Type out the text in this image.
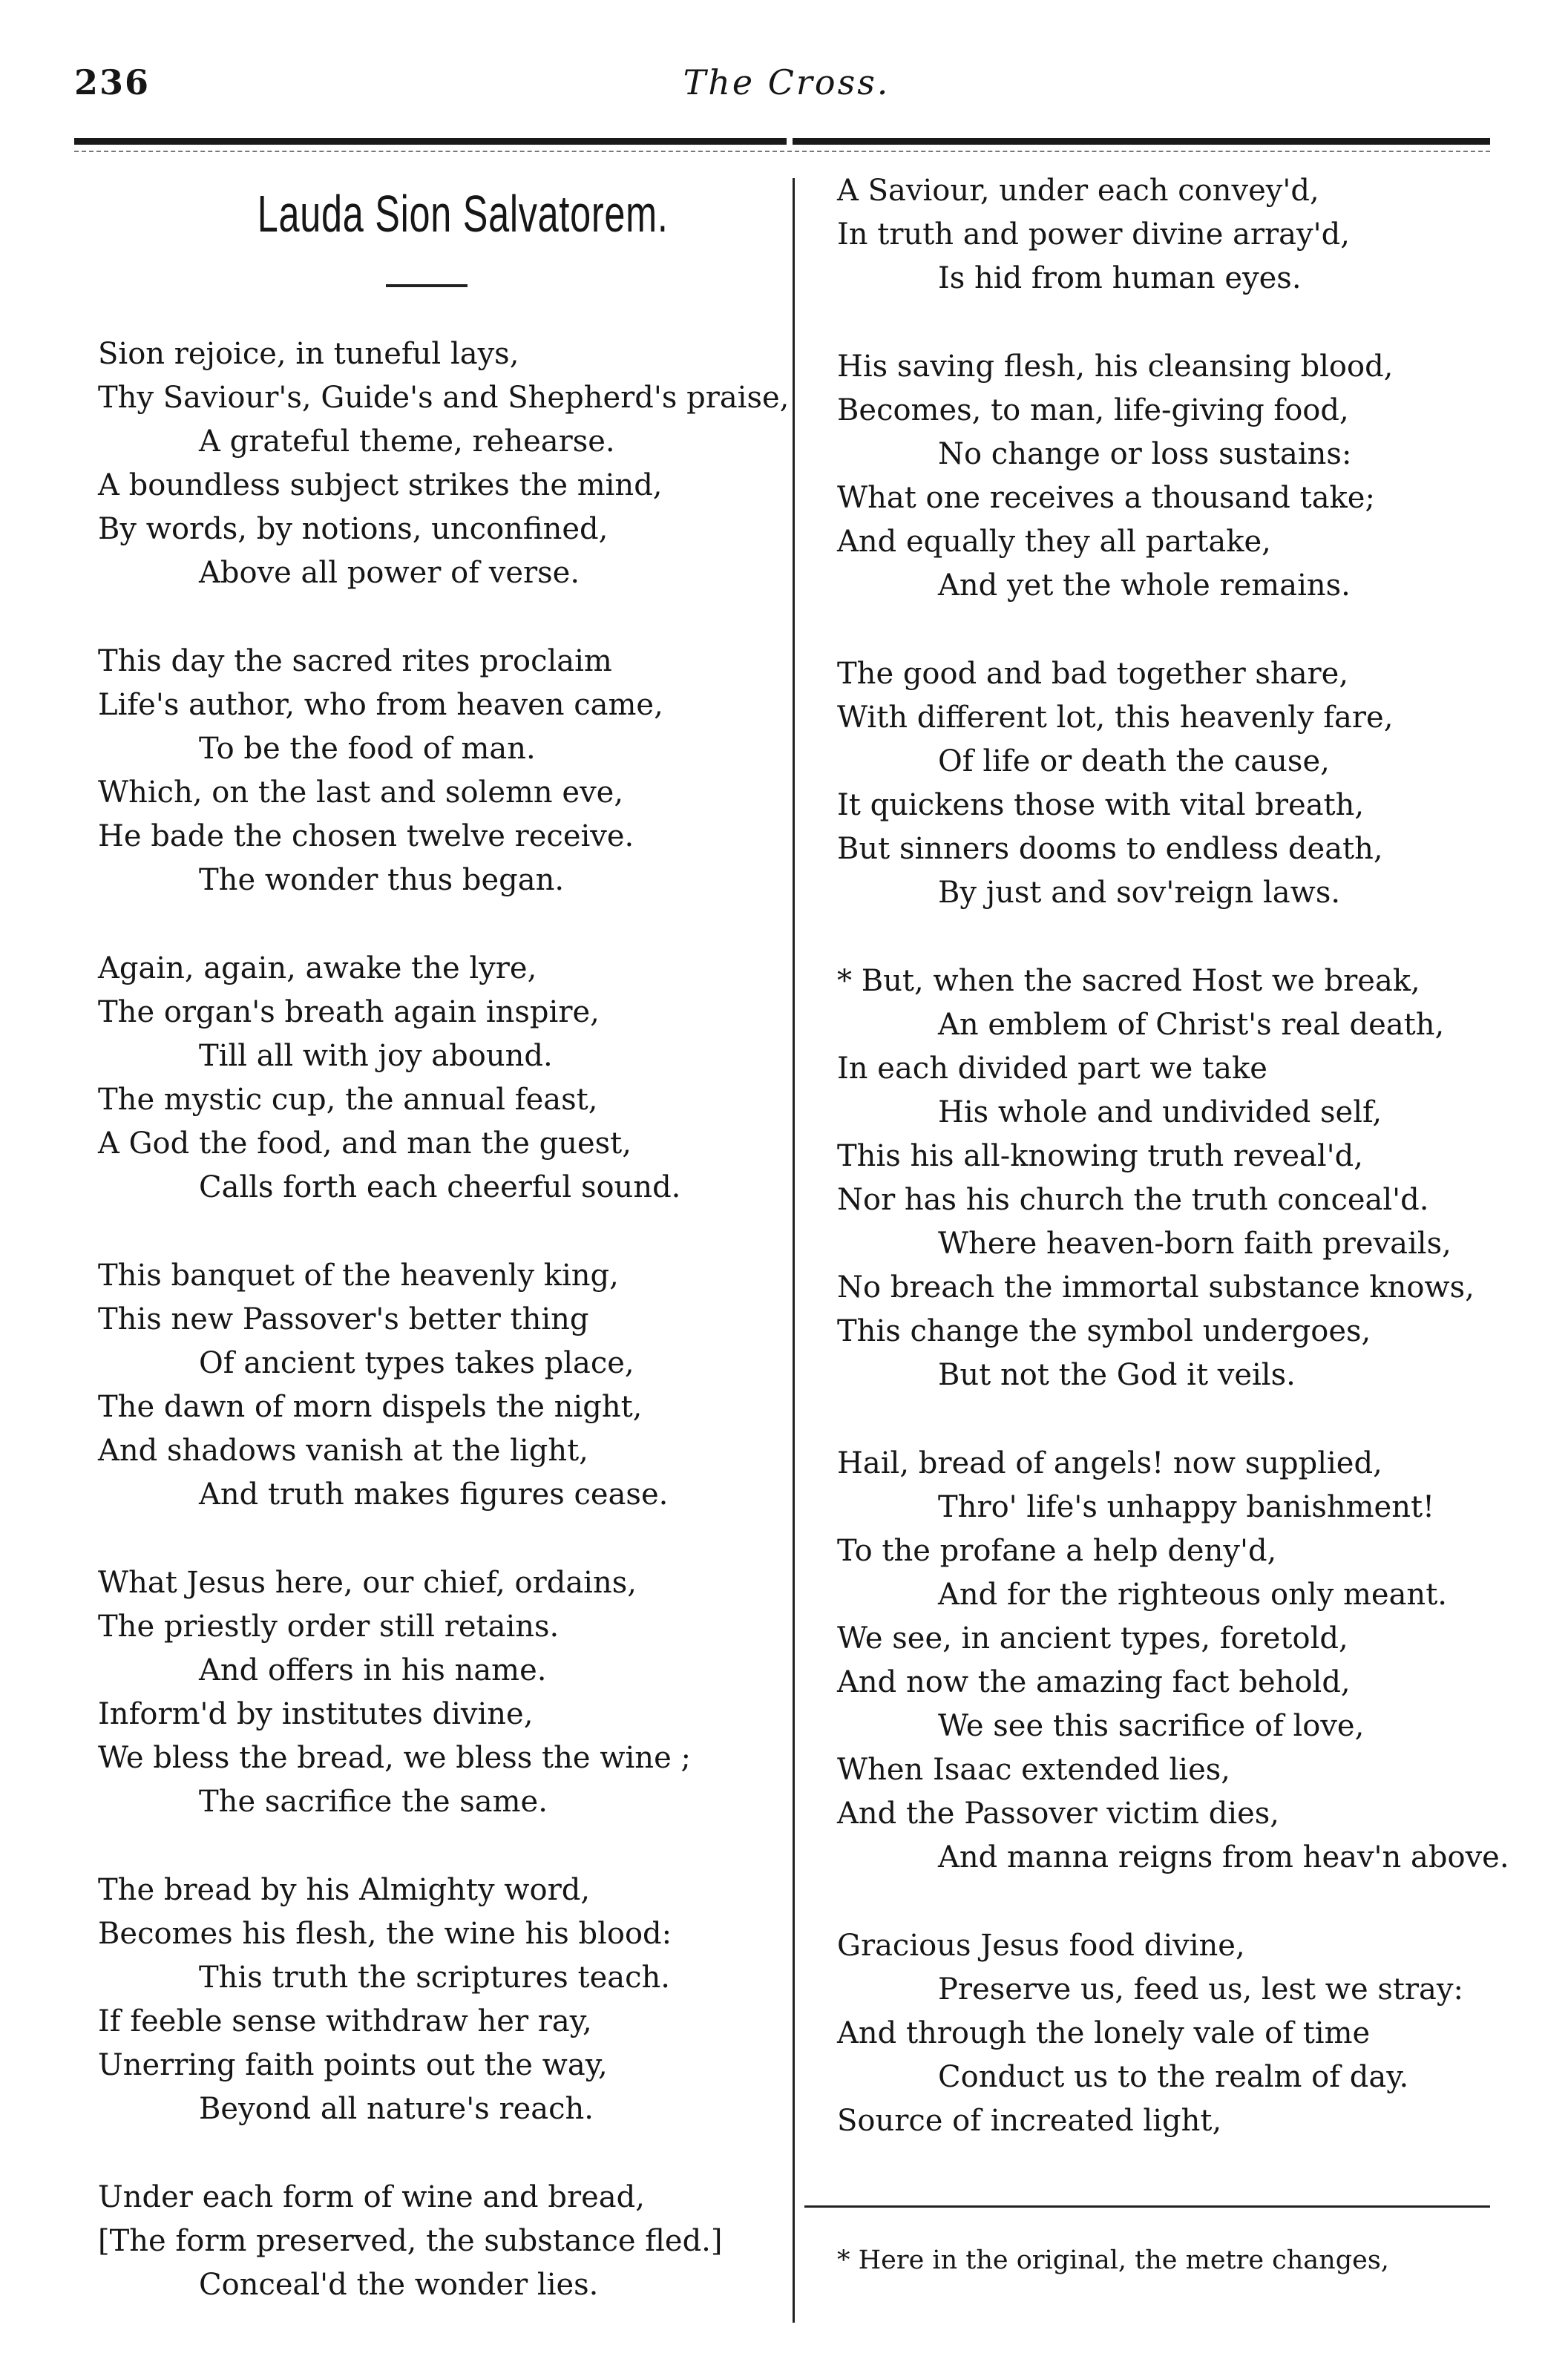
The Cross.
236
Lauda Sion Salvatorem.
Sion rejoice, in tuneful lays,
Thy Saviour's, Guide's and Shepherd's praise,
A grateful theme, rehearse.
A boundless subject strikes the mind,
By words, by notions, unconfined,
Above all power of verse.
This day the sacred rites proclaim
Life's author, who from heaven came,
To be the food of man.
Which, on the last and solemn eve,
He bade the chosen twelve receive.
The wonder thus began.
Again, again, awake the lyre,
The organ's breath again inspire,
Till all with joy abound.
The mystic cup, the annual feast,
A God the food, and man the guest,
Calls forth each cheerful sound.
This banquet of the heavenly king,
This new Passover's better thing
Of ancient types takes place,
The dawn of morn dispels the night,
And shadows vanish at the light,
And truth makes figures cease.
What Jesus here, our chief, ordains,
The priestly order still retains.
And offers in his name.
Inform'd by institutes divine,
We bless the bread, we bless the wine ;
The sacrifice the same.
The bread by his Almighty word,
Becomes his flesh, the wine his blood:
This truth the scriptures teach.
If feeble sense withdraw her ray,
Unerring faith points out the way,
Beyond all nature's reach.
Under each form of wine and bread,
[The form preserved, the substance fled.]
Conceal'd the wonder lies.
A Saviour, under each convey'd,
In truth and power divine array'd,
Is hid from human eyes.
His saving flesh, his cleansing blood,
Becomes, to man, life-giving food,
No change or loss sustains:
What one receives a thousand take;
And equally they all partake,
And yet the whole remains.
The good and bad together share,
With different lot, this heavenly fare,
Of life or death the cause,
It quickens those with vital breath,
But sinners dooms to endless death,
By just and sov'reign laws.
* But, when the sacred Host we break,
An emblem of Christ's real death,
In each divided part we take
His whole and undivided self,
This his all-knowing truth reveal'd,
Nor has his church the truth conceal'd.
Where heaven-born faith prevails,
No breach the immortal substance knows,
This change the symbol undergoes,
But not the God it veils.
Hail, bread of angels! now supplied,
Thro' life's unhappy banishment!
To the profane a help deny'd,
And for the righteous only meant.
We see, in ancient types, foretold,
And now the amazing fact behold,
We see this sacrifice of love,
When Isaac extended lies,
And the Passover victim dies,
And manna reigns from heav'n above.
Gracious Jesus food divine,
Preserve us, feed us, lest we stray:
And through the lonely vale of time
Conduct us to the realm of day.
Source of increated light,
* Here in the original, the metre changes,
